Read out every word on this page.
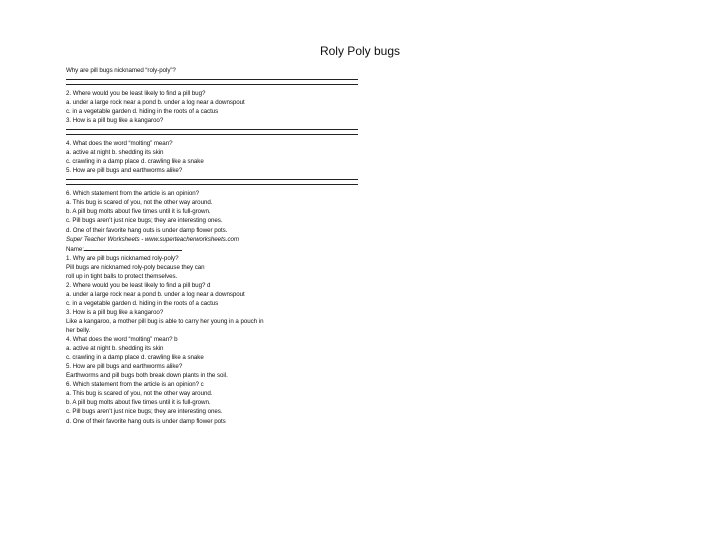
Roly Poly bugs
Why are pill bugs nicknamed “roly-poly”?
2. Where would you be least likely to find a pill bug?
a. under a large rock near a pond b. under a log near a downspout
c. in a vegetable garden d. hiding in the roots of a cactus
3. How is a pill bug like a kangaroo?
4. What does the word “molting” mean?
a. active at night b. shedding its skin
c. crawling in a damp place d. crawling like a snake
5. How are pill bugs and earthworms alike?
6. Which statement from the article is an opinion?
a. This bug is scared of you, not the other way around.
b. A pill bug molts about five times until it is full-grown.
c. Pill bugs aren’t just nice bugs; they are interesting ones.
d. One of their favorite hang outs is under damp flower pots.
Super Teacher Worksheets - www.superteacherworksheets.com
Name:
1. Why are pill bugs nicknamed roly-poly?
Pill bugs are nicknamed roly-poly because they can
roll up in tight balls to protect themselves.
2. Where would you be least likely to find a pill bug? d
a. under a large rock near a pond b. under a log near a downspout
c. in a vegetable garden d. hiding in the roots of a cactus
3. How is a pill bug like a kangaroo?
Like a kangaroo, a mother pill bug is able to carry her young in a pouch in
her belly.
4. What does the word “molting” mean? b
a. active at night b. shedding its skin
c. crawling in a damp place d. crawling like a snake
5. How are pill bugs and earthworms alike?
Earthworms and pill bugs both break down plants in the soil.
6. Which statement from the article is an opinion? c
a. This bug is scared of you, not the other way around.
b. A pill bug molts about five times until it is full-grown.
c. Pill bugs aren’t just nice bugs; they are interesting ones.
d. One of their favorite hang outs is under damp flower pots
